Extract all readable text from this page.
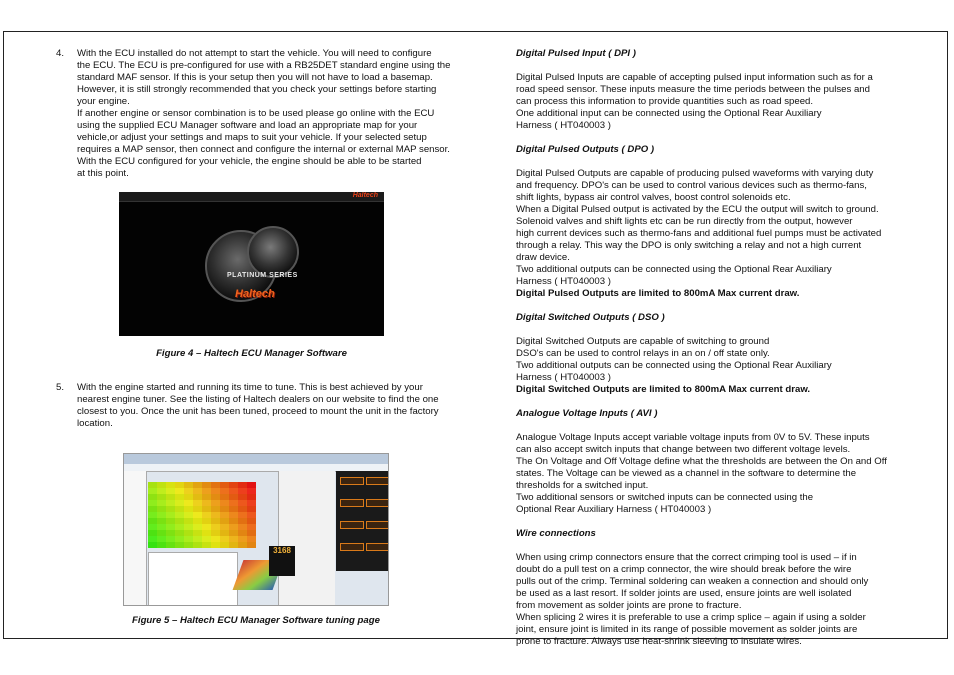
4. With the ECU installed do not attempt to start the vehicle. You will need to configure
the ECU. The ECU is pre-configured for use with a RB25DET standard engine using the
standard MAF sensor. If this is your setup then you will not have to load a basemap.
However, it is still strongly recommended that you check your settings before starting
your engine.
If another engine or sensor combination is to be used please go online with the ECU
using the supplied ECU Manager software and load an appropriate map for your
vehicle,or adjust your settings and maps to suit your vehicle. If your selected setup
requires a MAP sensor, then connect and configure the internal or external MAP sensor.
With the ECU configured for your vehicle, the engine should be able to be started
at this point.
Haltech
PLATINUM SERIES
Haltech
Figure 4 – Haltech ECU Manager Software
5. With the engine started and running its time to tune. This is best achieved by your
nearest engine tuner. See the listing of Haltech dealers on our website to find the one
closest to you. Once the unit has been tuned, proceed to mount the unit in the factory
location.
3168
Figure 5 – Haltech ECU Manager Software tuning page
Digital Pulsed Input ( DPI )
Digital Pulsed Inputs are capable of accepting pulsed input information such as for a
road speed sensor. These inputs measure the time periods between the pulses and
can process this information to provide quantities such as road speed.
One additional input can be connected using the Optional Rear Auxiliary
Harness ( HT040003 )
Digital Pulsed Outputs ( DPO )
Digital Pulsed Outputs are capable of producing pulsed waveforms with varying duty
and frequency. DPO's can be used to control various devices such as thermo-fans,
shift lights, bypass air control valves, boost control solenoids etc.
When a Digital Pulsed output is activated by the ECU the output will switch to ground.
Solenoid valves and shift lights etc can be run directly from the output, however
high current devices such as thermo-fans and additional fuel pumps must be activated
through a relay. This way the DPO is only switching a relay and not a high current
draw device.
Two additional outputs can be connected using the Optional Rear Auxiliary
Harness ( HT040003 )
Digital Pulsed Outputs are limited to 800mA Max current draw.
Digital Switched Outputs ( DSO )
Digital Switched Outputs are capable of switching to ground
DSO's can be used to control relays in an on / off state only.
Two additional outputs can be connected using the Optional Rear Auxiliary
Harness ( HT040003 )
Digital Switched Outputs are limited to 800mA Max current draw.
Analogue Voltage Inputs ( AVI )
Analogue Voltage Inputs accept variable voltage inputs from 0V to 5V. These inputs
can also accept switch inputs that change between two different voltage levels.
The On Voltage and Off Voltage define what the thresholds are between the On and Off
states. The Voltage can be viewed as a channel in the software to determine the
thresholds for a switched input.
Two additional sensors or switched inputs can be connected using the
Optional Rear Auxiliary Harness ( HT040003 )
Wire connections
When using crimp connectors ensure that the correct crimping tool is used – if in
doubt do a pull test on a crimp connector, the wire should break before the wire
pulls out of the crimp. Terminal soldering can weaken a connection and should only
be used as a last resort. If solder joints are used, ensure joints are well isolated
from movement as solder joints are prone to fracture.
When splicing 2 wires it is preferable to use a crimp splice – again if using a solder
joint, ensure joint is limited in its range of possible movement as solder joints are
prone to fracture. Always use heat-shrink sleeving to insulate wires.
